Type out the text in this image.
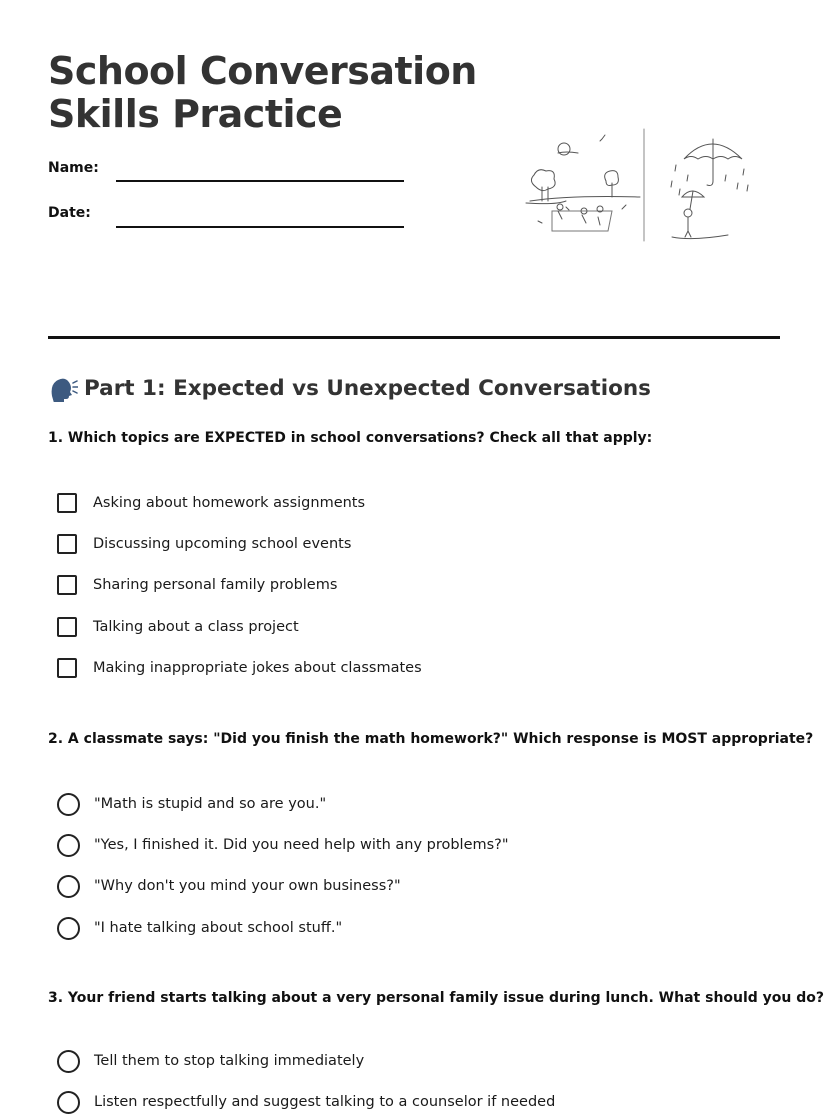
School Conversation
Skills Practice
Name:
Date:
Part 1: Expected vs Unexpected Conversations

1. Which topics are EXPECTED in school conversations? Check all that apply:

Asking about homework assignments
Discussing upcoming school events
Sharing personal family problems
Talking about a class project
Making inappropriate jokes about classmates

2. A classmate says: "Did you finish the math homework?" Which response is MOST appropriate?

"Math is stupid and so are you."
"Yes, I finished it. Did you need help with any problems?"
"Why don't you mind your own business?"
"I hate talking about school stuff."

3. Your friend starts talking about a very personal family issue during lunch. What should you do?

Tell them to stop talking immediately
Listen respectfully and suggest talking to a counselor if needed
